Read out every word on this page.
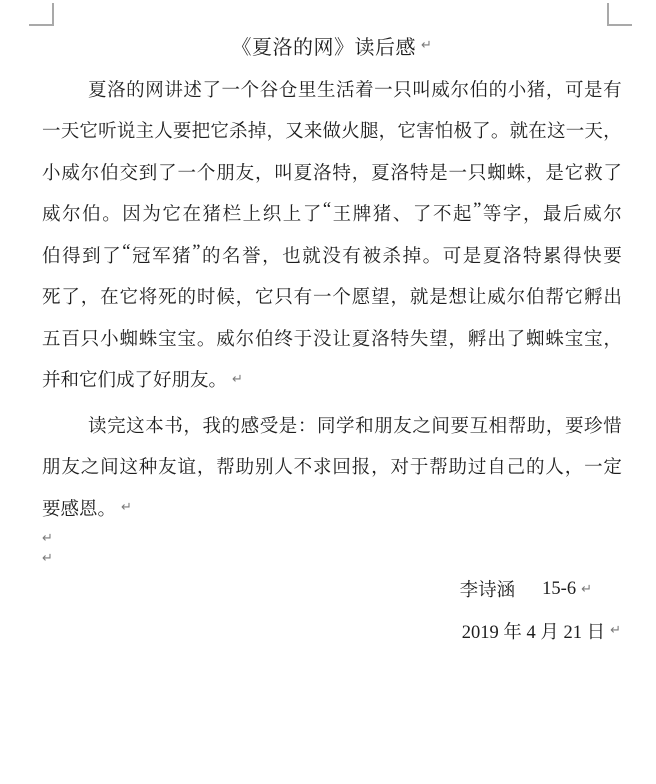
《夏洛的网》读后感 ↵
夏 洛 的 网 讲 述 了 一 个 谷 仓 里 生 活 着 一 只 叫 威 尔 伯 的 小 猪 ， 可 是 有
一 天 它 听 说 主 人 要 把 它 杀 掉 ， 又 来 做 火 腿 ， 它 害 怕 极 了 。 就 在 这 一 天 ，
小 威 尔 伯 交 到 了 一 个 朋 友 ， 叫 夏 洛 特 ， 夏 洛 特 是 一 只 蜘 蛛 ， 是 它 救 了
威 尔 伯 。 因 为 它 在 猪 栏 上 织 上 了 “ 王 牌 猪 、 了 不 起 ” 等 字 ， 最 后 威 尔
伯 得 到 了 “ 冠 军 猪 ” 的 名 誉 ， 也 就 没 有 被 杀 掉 。 可 是 夏 洛 特 累 得 快 要
死 了 ， 在 它 将 死 的 时 候 ， 它 只 有 一 个 愿 望 ， 就 是 想 让 威 尔 伯 帮 它 孵 出
五 百 只 小 蜘 蛛 宝 宝 。 威 尔 伯 终 于 没 让 夏 洛 特 失 望 ， 孵 出 了 蜘 蛛 宝 宝 ，
并和它们成了好朋友。 ↵
读 完 这 本 书 ， 我 的 感 受 是 ： 同 学 和 朋 友 之 间 要 互 相 帮 助 ， 要 珍 惜
朋 友 之 间 这 种 友 谊 ， 帮 助 别 人 不 求 回 报 ， 对 于 帮 助 过 自 己 的 人 ， 一 定
要感恩。 ↵
↵
↵
李诗涵 15-6 ↵
2019 年 4 月 21 日 ↵
